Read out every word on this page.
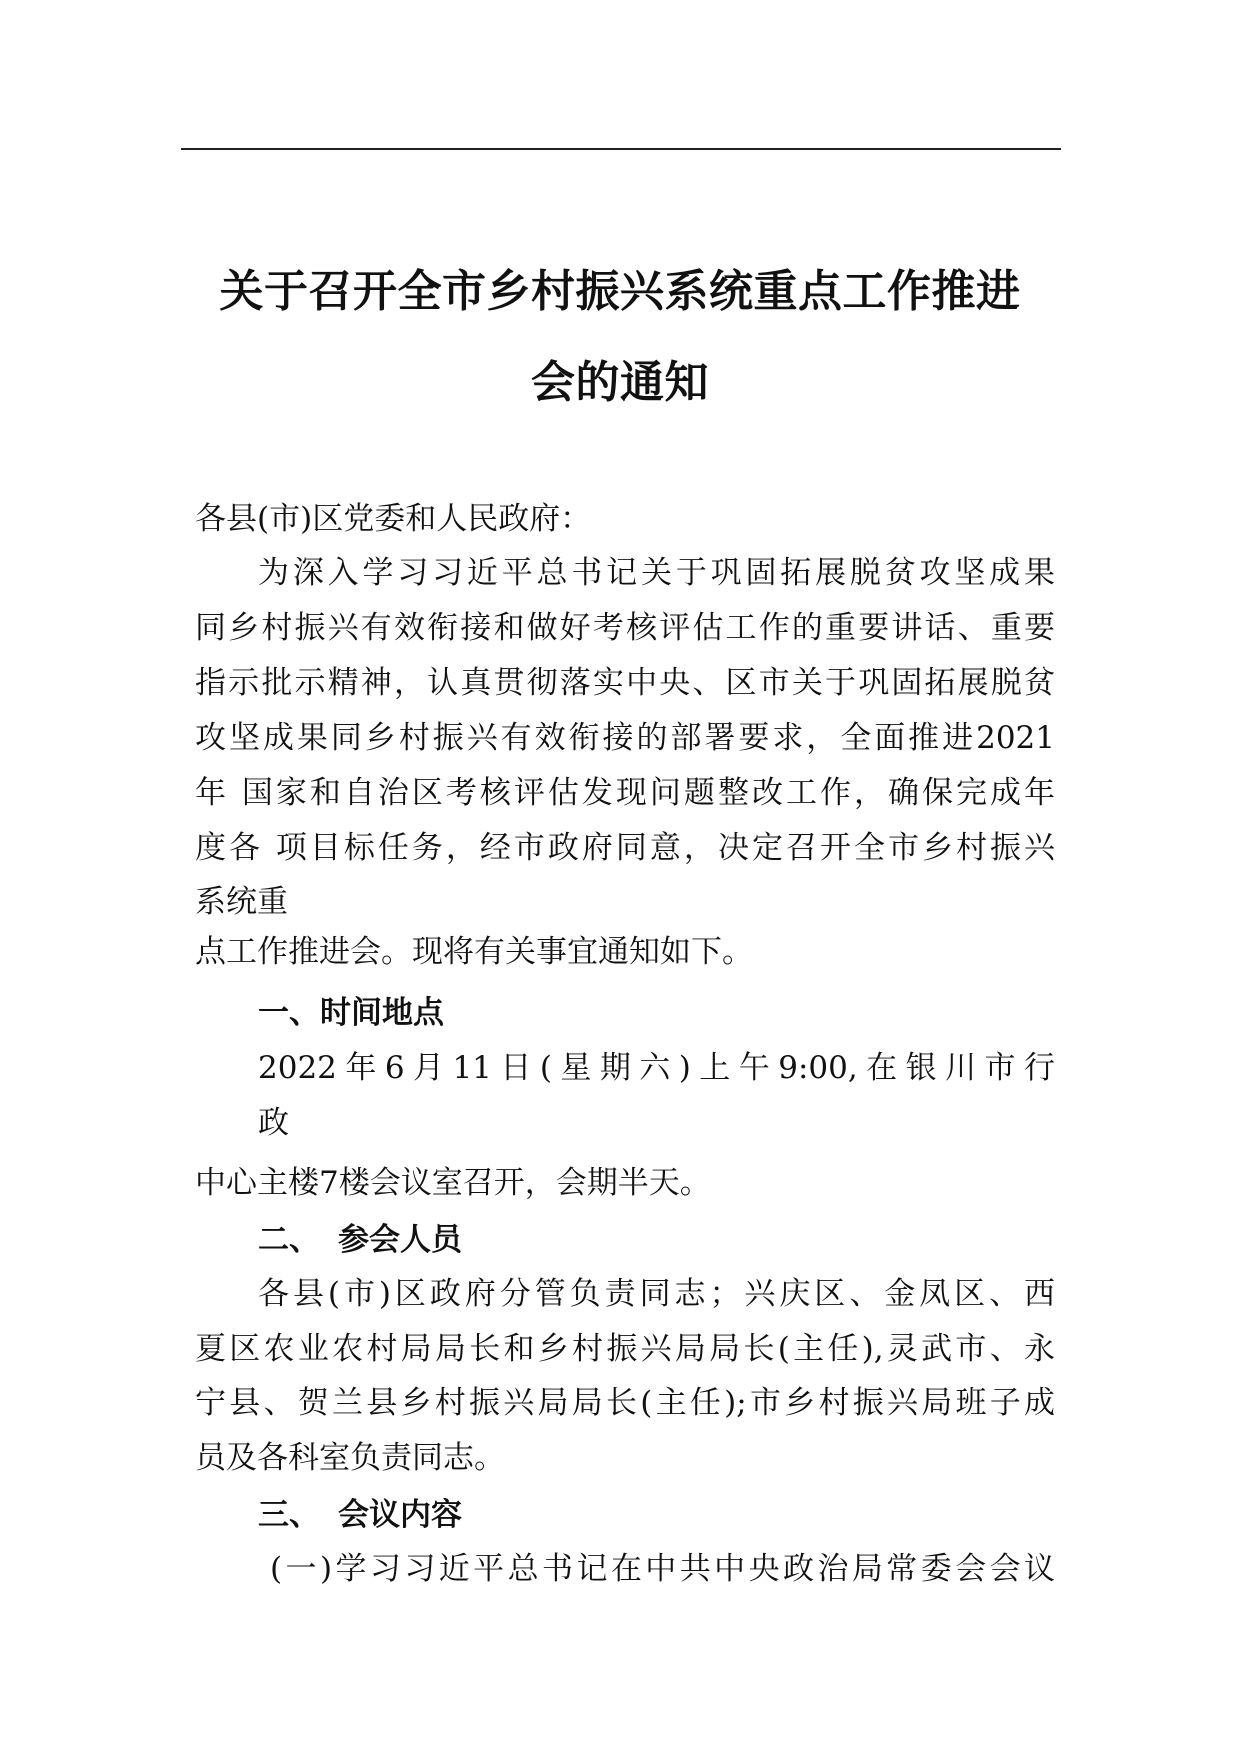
关于召开全市乡村振兴系统重点工作推进
会的通知

各县(市)区党委和人民政府：

为深入学习习近平总书记关于巩固拓展脱贫攻坚成果

同乡村振兴有效衔接和做好考核评估工作的重要讲话、重要

指示批示精神，认真贯彻落实中央、区市关于巩固拓展脱贫

攻坚成果同乡村振兴有效衔接的部署要求，全面推进2021

年 国家和自治区考核评估发现问题整改工作，确保完成年

度各 项目标任务，经市政府同意，决定召开全市乡村振兴

系统重

点工作推进会。现将有关事宜通知如下。

一、时间地点

2022年6月11日(星期六)上午9:00,在银川市行

政

中心主楼7楼会议室召开，会期半天。

二、 参会人员

各县(市)区政府分管负责同志；兴庆区、金凤区、西

夏区农业农村局局长和乡村振兴局局长(主任),灵武市、永

宁县、贺兰县乡村振兴局局长(主任);市乡村振兴局班子成

员及各科室负责同志。

三、 会议内容

(一)学习习近平总书记在中共中央政治局常委会会议
